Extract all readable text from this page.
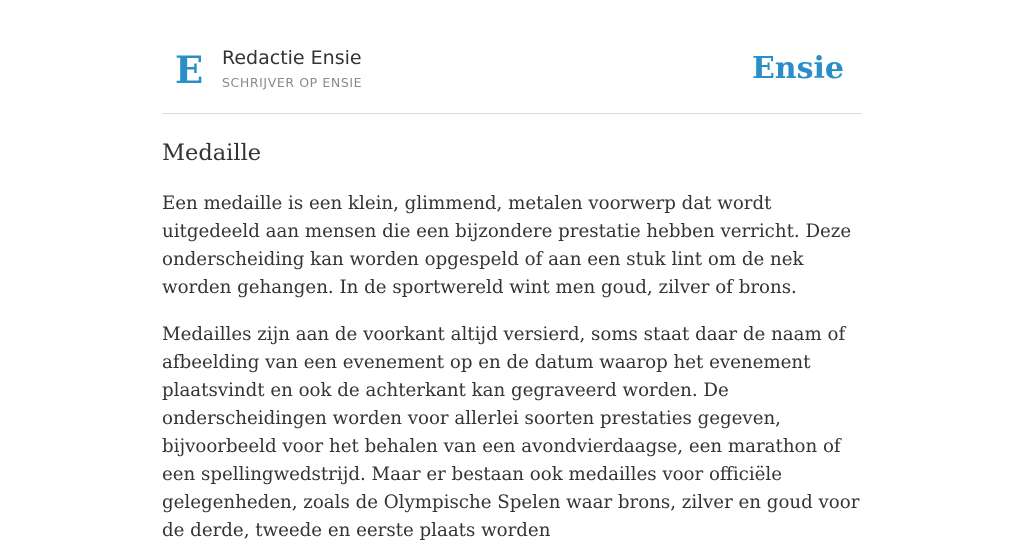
E Redactie Ensie
SCHRIJVER OP ENSIE	Ensie
Medaille

Een medaille is een klein, glimmend, metalen voorwerp dat wordt uitgedeeld aan mensen die een bijzondere prestatie hebben verricht. Deze onderscheiding kan worden opgespeld of aan een stuk lint om de nek worden gehangen. In de sportwereld wint men goud, zilver of brons.

Medailles zijn aan de voorkant altijd versierd, soms staat daar de naam of afbeelding van een evenement op en de datum waarop het evenement plaatsvindt en ook de achterkant kan gegraveerd worden. De onderscheidingen worden voor allerlei soorten prestaties gegeven, bijvoorbeeld voor het behalen van een avondvierdaagse, een marathon of een spellingwedstrijd. Maar er bestaan ook medailles voor officiële gelegenheden, zoals de Olympische Spelen waar brons, zilver en goud voor de derde, tweede en eerste plaats worden
